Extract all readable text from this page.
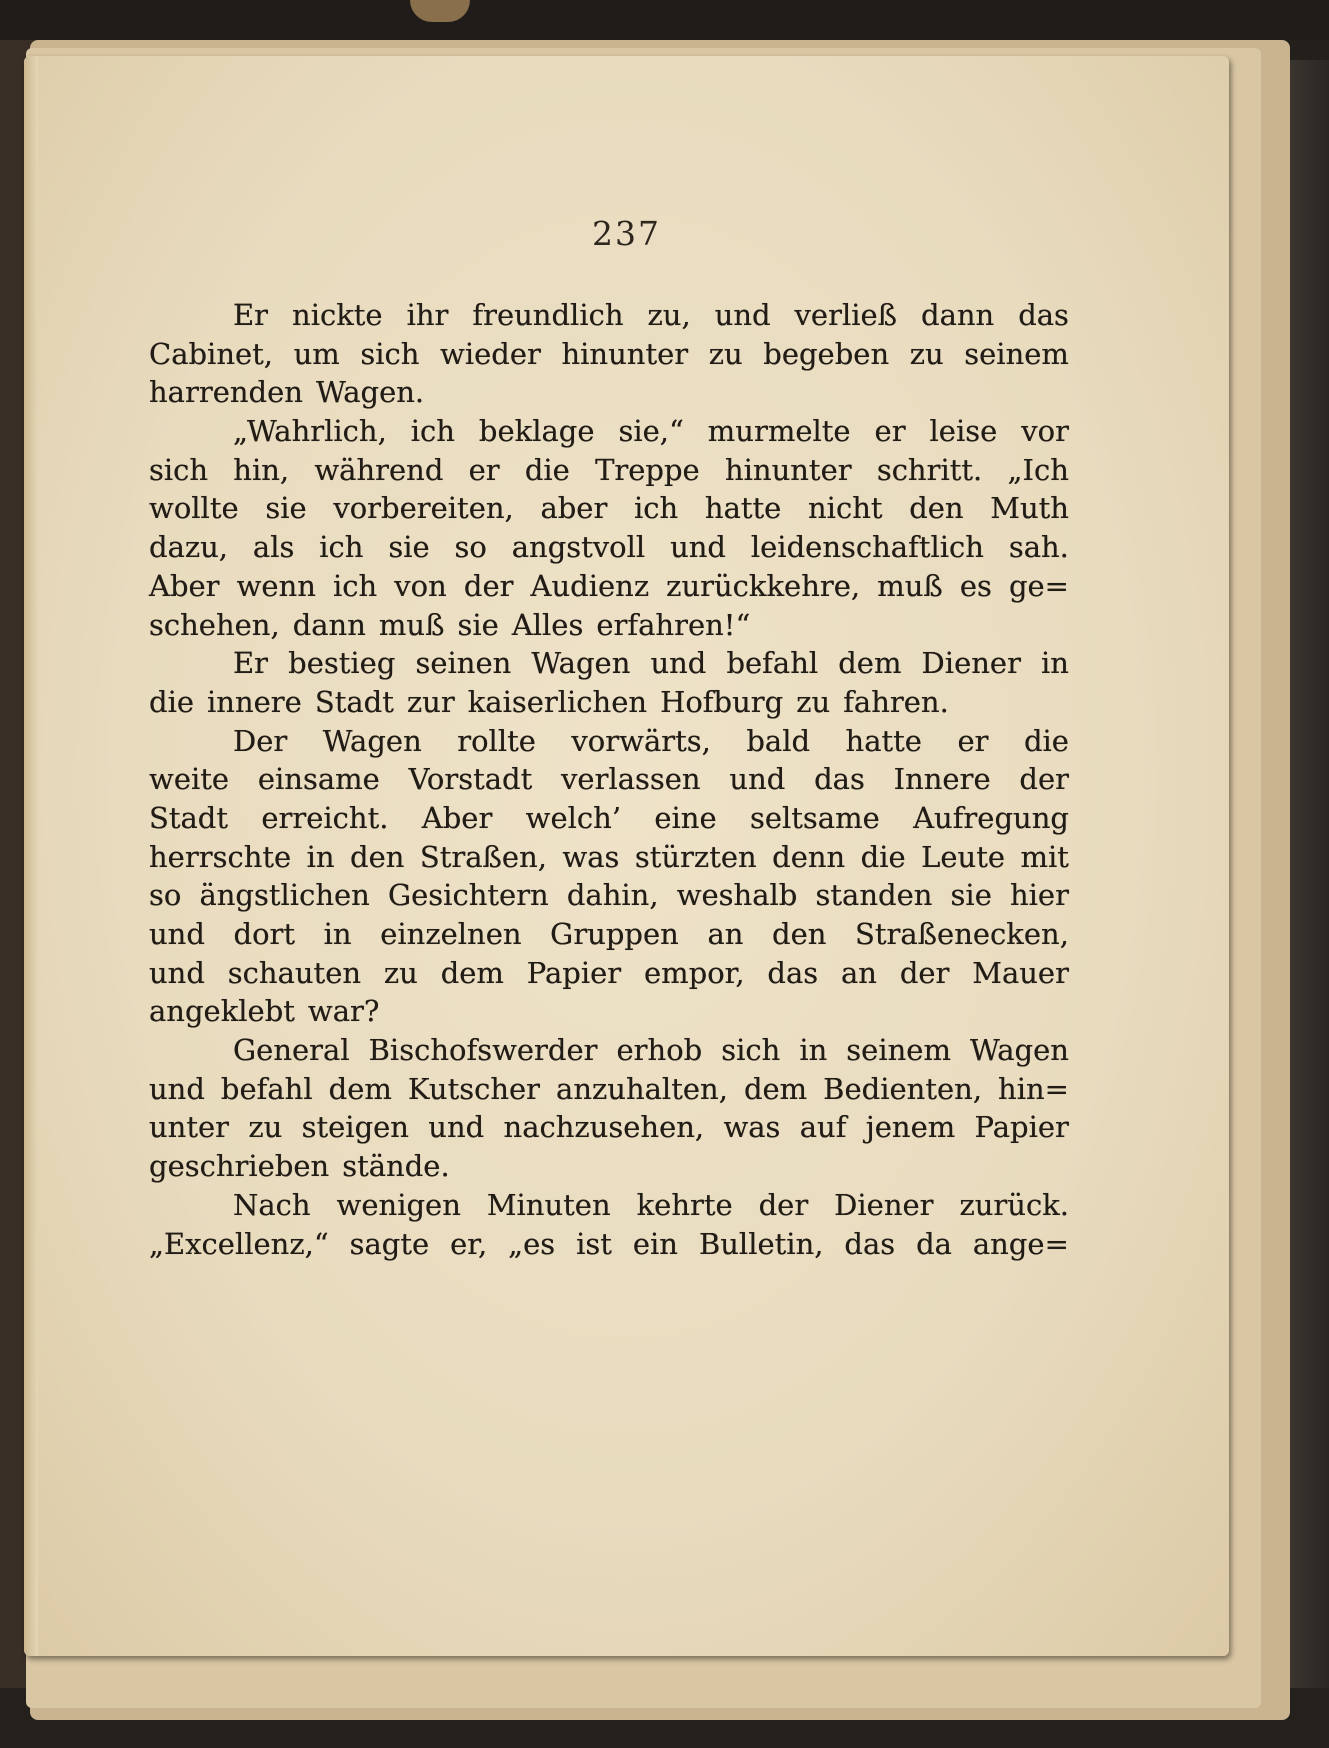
237
Er nickte ihr freundlich zu, und verließ dann das
Cabinet, um sich wieder hinunter zu begeben zu seinem
harrenden Wagen.
„Wahrlich, ich beklage sie,“ murmelte er leise vor
sich hin, während er die Treppe hinunter schritt. „Ich
wollte sie vorbereiten, aber ich hatte nicht den Muth
dazu, als ich sie so angstvoll und leidenschaftlich sah.
Aber wenn ich von der Audienz zurückkehre, muß es ge=
schehen, dann muß sie Alles erfahren!“
Er bestieg seinen Wagen und befahl dem Diener in
die innere Stadt zur kaiserlichen Hofburg zu fahren.
Der Wagen rollte vorwärts, bald hatte er die
weite einsame Vorstadt verlassen und das Innere der
Stadt erreicht. Aber welch’ eine seltsame Aufregung
herrschte in den Straßen, was stürzten denn die Leute mit
so ängstlichen Gesichtern dahin, weshalb standen sie hier
und dort in einzelnen Gruppen an den Straßenecken,
und schauten zu dem Papier empor, das an der Mauer
angeklebt war?
General Bischofswerder erhob sich in seinem Wagen
und befahl dem Kutscher anzuhalten, dem Bedienten, hin=
unter zu steigen und nachzusehen, was auf jenem Papier
geschrieben stände.
Nach wenigen Minuten kehrte der Diener zurück.
„Excellenz,“ sagte er, „es ist ein Bulletin, das da ange=
